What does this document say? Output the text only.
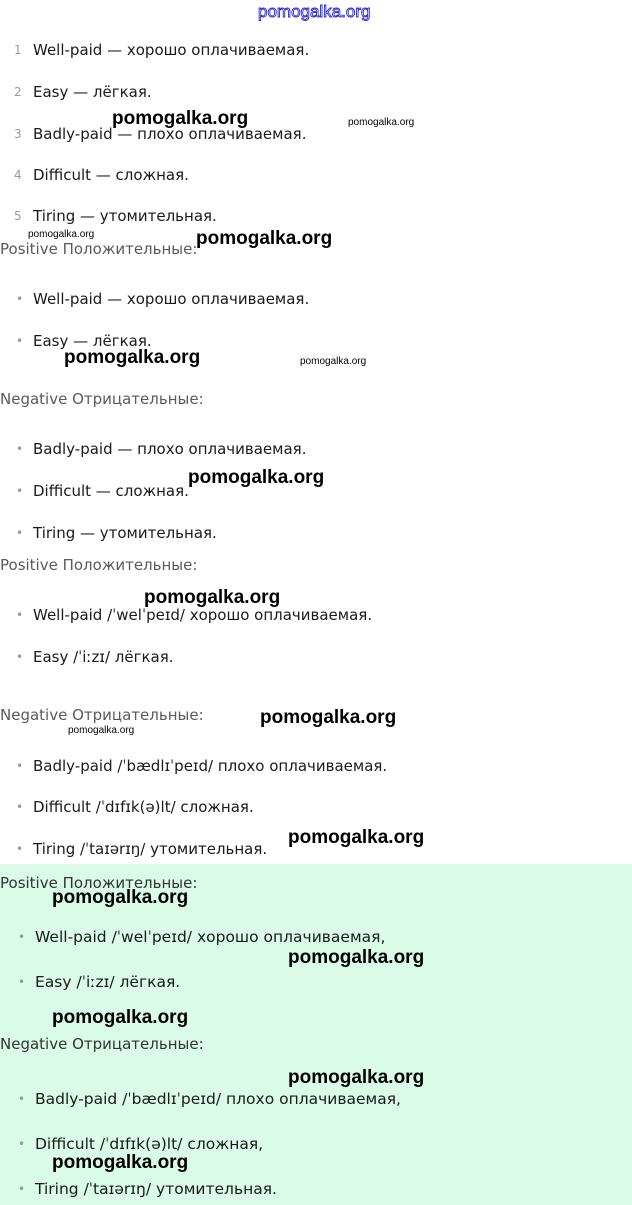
pomogalka.org
1 Well-paid — хорошо оплачиваемая.
2 Easy — лёгкая.
3 Badly-paid — плохо оплачиваемая.
4 Difficult — сложная.
5 Tiring — утомительная.
Positive Положительные:
• Well-paid — хорошо оплачиваемая.
• Easy — лёгкая.
Negative Отрицательные:
• Badly-paid — плохо оплачиваемая.
• Difficult — сложная.
• Tiring — утомительная.
Positive Положительные:
• Well-paid /ˈwelˈpeɪd/ хорошо оплачиваемая.
• Easy /ˈiːzɪ/ лёгкая.
Negative Отрицательные:
• Badly-paid /ˈbædlɪˈpeɪd/ плохо оплачиваемая.
• Difficult /ˈdɪfɪk(ə)lt/ сложная.
• Tiring /ˈtaɪərɪŋ/ утомительная.
Positive Положительные:
• Well-paid /ˈwelˈpeɪd/ хорошо оплачиваемая,
• Easy /ˈiːzɪ/ лёгкая.
Negative Отрицательные:
• Badly-paid /ˈbædlɪˈpeɪd/ плохо оплачиваемая,
• Difficult /ˈdɪfɪk(ə)lt/ сложная,
• Tiring /ˈtaɪərɪŋ/ утомительная.
pomogalka.org	pomogalka.org
pomogalka.org	pomogalka.org
pomogalka.org	pomogalka.org
pomogalka.org
pomogalka.org
pomogalka.org
pomogalka.org
pomogalka.org
pomogalka.org
pomogalka.org
pomogalka.org
pomogalka.org
pomogalka.org
